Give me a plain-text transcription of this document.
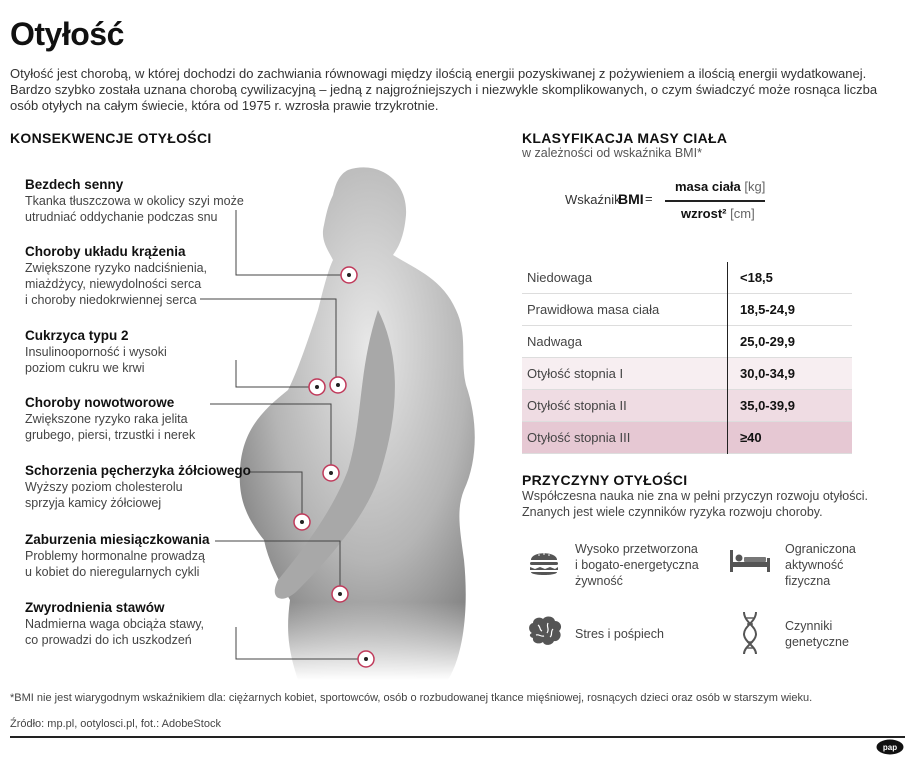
Otyłość
Otyłość jest chorobą, w której dochodzi do zachwiania równowagi między ilością energii pozyskiwanej z pożywieniem a ilością energii wydatkowanej. Bardzo szybko została uznana chorobą cywilizacyjną – jedną z najgroźniejszych i niezwykle skomplikowanych, o czym świadczyć może rosnąca liczba osób otyłych na całym świecie, która od 1975 r. wzrosła prawie trzykrotnie.
KONSEKWENCJE OTYŁOŚCI
Bezdech senny
Tkanka tłuszczowa w okolicy szyi może
utrudniać oddychanie podczas snu
Choroby układu krążenia
Zwiększone ryzyko nadciśnienia,
miażdżycy, niewydolności serca
i choroby niedokrwiennej serca
Cukrzyca typu 2
Insulinooporność i wysoki
poziom cukru we krwi
Choroby nowotworowe
Zwiększone ryzyko raka jelita
grubego, piersi, trzustki i nerek
Schorzenia pęcherzyka żółciowego
Wyższy poziom cholesterolu
sprzyja kamicy żółciowej
Zaburzenia miesiączkowania
Problemy hormonalne prowadzą
u kobiet do nieregularnych cykli
Zwyrodnienia stawów
Nadmierna waga obciąża stawy,
co prowadzi do ich uszkodzeń
KLASYFIKACJA MASY CIAŁA
w zależności od wskaźnika BMI*
Wskaźnik
BMI =
masa ciała [kg]
wzrost² [cm]
Niedowaga	<18,5
Prawidłowa masa ciała	18,5-24,9
Nadwaga	25,0-29,9
Otyłość stopnia I	30,0-34,9
Otyłość stopnia II	35,0-39,9
Otyłość stopnia III	≥40
PRZYCZYNY OTYŁOŚCI
Współczesna nauka nie zna w pełni przyczyn rozwoju otyłości. Znanych jest wiele czynników ryzyka rozwoju choroby.
Wysoko przetworzona
i bogato-energetyczna
żywność
Ograniczona
aktywność
fizyczna
Stres i pośpiech
Czynniki
genetyczne
*BMI nie jest wiarygodnym wskaźnikiem dla: ciężarnych kobiet, sportowców, osób o rozbudowanej tkance mięśniowej, rosnących dzieci oraz osób w starszym wieku.
Źródło: mp.pl, ootylosci.pl, fot.: AdobeStock
pap
